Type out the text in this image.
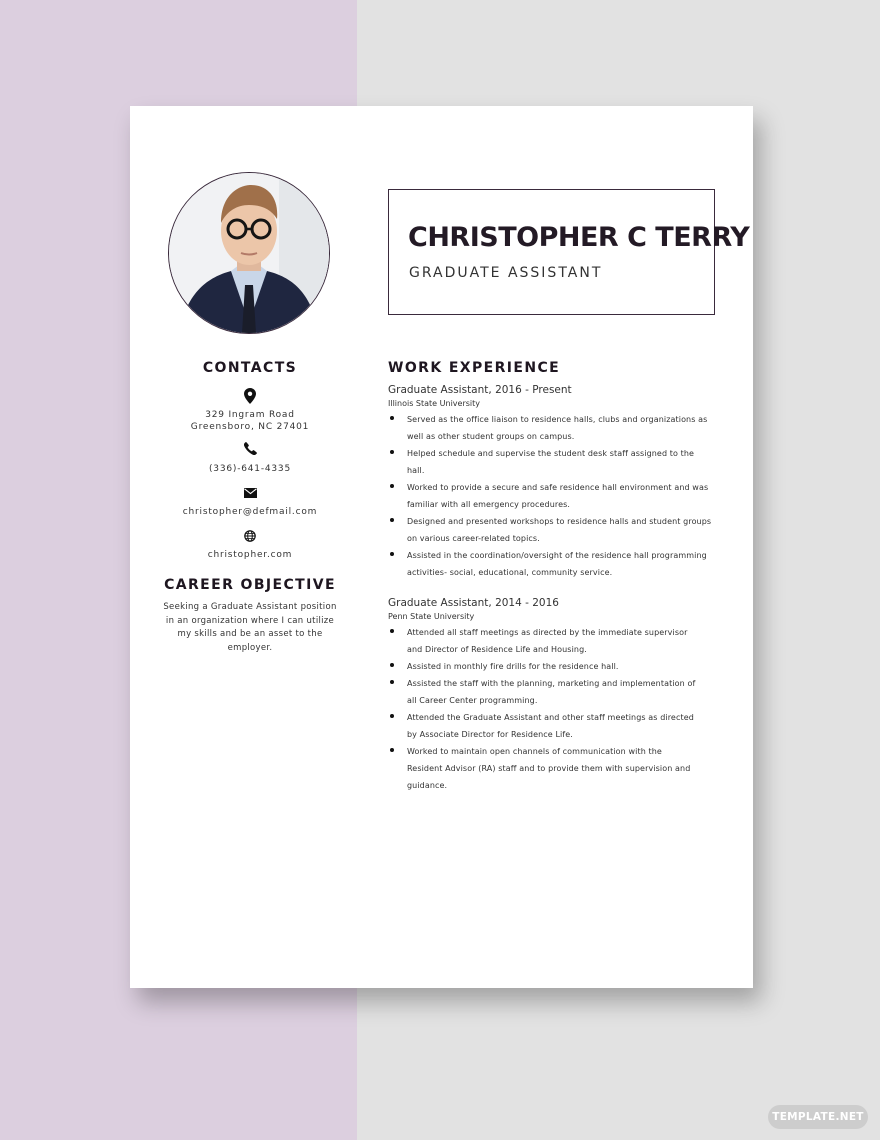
CHRISTOPHER C TERRY

GRADUATE ASSISTANT

CONTACTS

329 Ingram Road

Greensboro, NC 27401

(336)-641-4335

christopher@defmail.com

christopher.com

CAREER OBJECTIVE

Seeking a Graduate Assistant position

in an organization where I can utilize

my skills and be an asset to the

employer.

WORK EXPERIENCE

Graduate Assistant, 2016 - Present

Illinois State University

Served as the office liaison to residence halls, clubs and organizations as
well as other student groups on campus.
Helped schedule and supervise the student desk staff assigned to the
hall.
Worked to provide a secure and safe residence hall environment and was
familiar with all emergency procedures.
Designed and presented workshops to residence halls and student groups
on various career-related topics.
Assisted in the coordination/oversight of the residence hall programming
activities- social, educational, community service.

Graduate Assistant, 2014 - 2016

Penn State University

Attended all staff meetings as directed by the immediate supervisor
and Director of Residence Life and Housing.
Assisted in monthly fire drills for the residence hall.
Assisted the staff with the planning, marketing and implementation of
all Career Center programming.
Attended the Graduate Assistant and other staff meetings as directed
by Associate Director for Residence Life.
Worked to maintain open channels of communication with the
Resident Advisor (RA) staff and to provide them with supervision and
guidance.
TEMPLATE.NET
